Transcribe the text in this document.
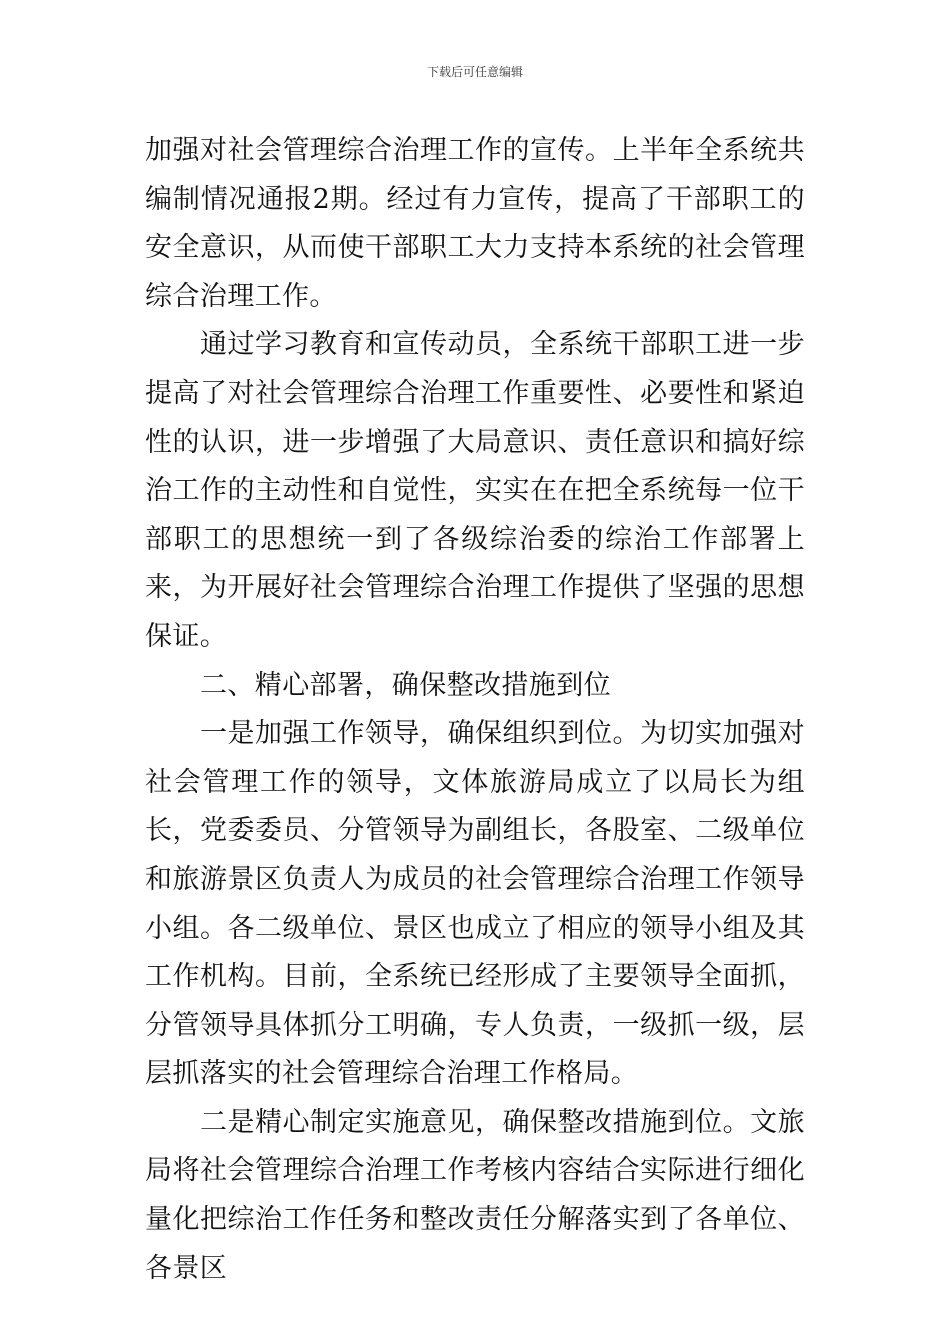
下载后可任意编辑

加强对社会管理综合治理工作的宣传。上半年全系统共编制情况通报2期。经过有力宣传，提高了干部职工的安全意识，从而使干部职工大力支持本系统的社会管理综合治理工作。

通过学习教育和宣传动员，全系统干部职工进一步提高了对社会管理综合治理工作重要性、必要性和紧迫性的认识，进一步增强了大局意识、责任意识和搞好综治工作的主动性和自觉性，实实在在把全系统每一位干部职工的思想统一到了各级综治委的综治工作部署上来，为开展好社会管理综合治理工作提供了坚强的思想保证。

二、精心部署，确保整改措施到位

一是加强工作领导，确保组织到位。为切实加强对社会管理工作的领导，文体旅游局成立了以局长为组长，党委委员、分管领导为副组长，各股室、二级单位和旅游景区负责人为成员的社会管理综合治理工作领导小组。各二级单位、景区也成立了相应的领导小组及其工作机构。目前，全系统已经形成了主要领导全面抓，分管领导具体抓分工明确，专人负责，一级抓一级，层层抓落实的社会管理综合治理工作格局。

二是精心制定实施意见，确保整改措施到位。文旅局将社会管理综合治理工作考核内容结合实际进行细化量化把综治工作任务和整改责任分解落实到了各单位、各景区
